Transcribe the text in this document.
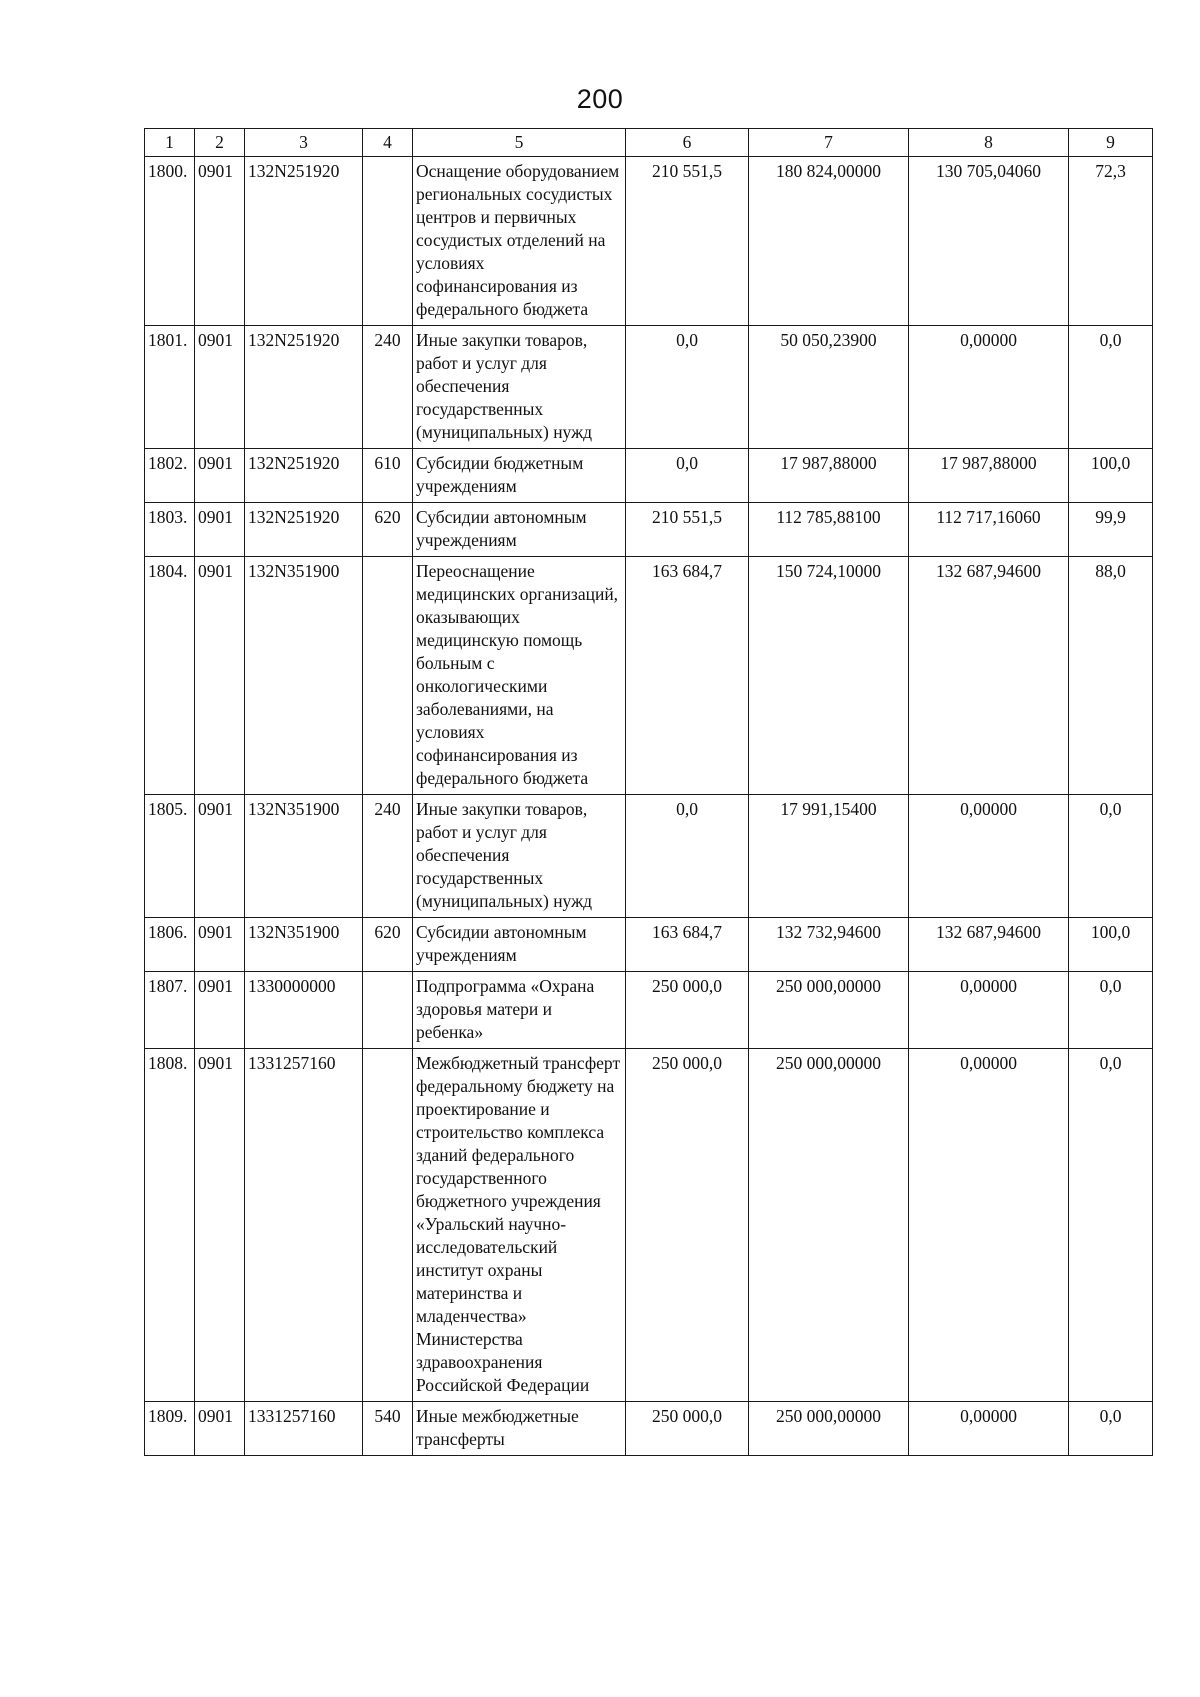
200
1	2	3	4	5	6	7	8	9
1800.	0901	132N251920		Оснащение оборудованием региональных сосудистых центров и первичных сосудистых отделений на условиях софинансирования из федерального бюджета	210 551,5	180 824,00000	130 705,04060	72,3
1801.	0901	132N251920	240	Иные закупки товаров, работ и услуг для обеспечения государственных (муниципальных) нужд	0,0	50 050,23900	0,00000	0,0
1802.	0901	132N251920	610	Субсидии бюджетным учреждениям	0,0	17 987,88000	17 987,88000	100,0
1803.	0901	132N251920	620	Субсидии автономным учреждениям	210 551,5	112 785,88100	112 717,16060	99,9
1804.	0901	132N351900		Переоснащение медицинских организаций, оказывающих медицинскую помощь больным с онкологическими заболеваниями, на условиях софинансирования из федерального бюджета	163 684,7	150 724,10000	132 687,94600	88,0
1805.	0901	132N351900	240	Иные закупки товаров, работ и услуг для обеспечения государственных (муниципальных) нужд	0,0	17 991,15400	0,00000	0,0
1806.	0901	132N351900	620	Субсидии автономным учреждениям	163 684,7	132 732,94600	132 687,94600	100,0
1807.	0901	1330000000		Подпрограмма «Охрана здоровья матери и ребенка»	250 000,0	250 000,00000	0,00000	0,0
1808.	0901	1331257160		Межбюджетный трансферт федеральному бюджету на проектирование и строительство комплекса зданий федерального государственного бюджетного учреждения «Уральский научно-исследовательский институт охраны материнства и младенчества» Министерства здравоохранения Российской Федерации	250 000,0	250 000,00000	0,00000	0,0
1809.	0901	1331257160	540	Иные межбюджетные трансферты	250 000,0	250 000,00000	0,00000	0,0
